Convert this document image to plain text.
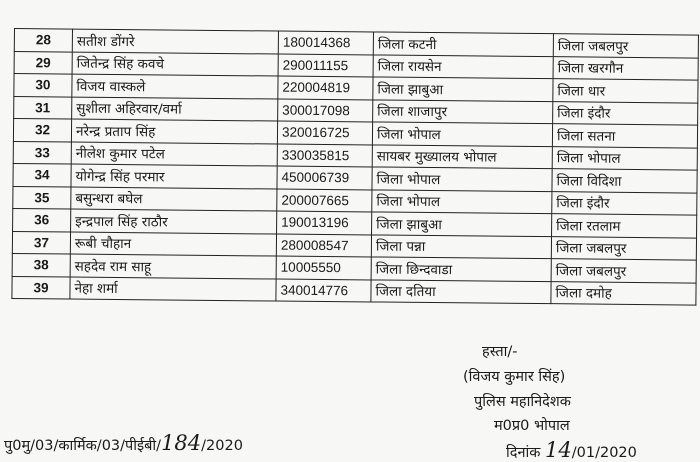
28	सतीश डोंगरे	180014368	जिला कटनी	जिला जबलपुर
29	जितेन्द्र सिंह कवचे	290011155	जिला रायसेन	जिला खरगौन
30	विजय वास्कले	220004819	जिला झाबुआ	जिला धार
31	सुशीला अहिरवार/वर्मा	300017098	जिला शाजापुर	जिला इंदौर
32	नरेन्द्र प्रताप सिंह	320016725	जिला भोपाल	जिला सतना
33	नीलेश कुमार पटेल	330035815	सायबर मुख्यालय भोपाल	जिला भोपाल
34	योगेन्द्र सिंह परमार	450006739	जिला भोपाल	जिला विदिशा
35	बसुन्धरा बघेल	200007665	जिला भोपाल	जिला इंदौर
36	इन्द्रपाल सिंह राठौर	190013196	जिला झाबुआ	जिला रतलाम
37	रूबी चौहान	280008547	जिला पन्ना	जिला जबलपुर
38	सहदेव राम साहू	10005550	जिला छिन्दवाडा	जिला जबलपुर
39	नेहा शर्मा	340014776	जिला दतिया	जिला दमोह
हस्ता/-
(विजय कुमार सिंह)
पुलिस महानिदेशक
म0प्र0 भोपाल
पु0मु/03/कार्मिक/03/पीईबी/184/2020	दिनांक 14/01/2020
